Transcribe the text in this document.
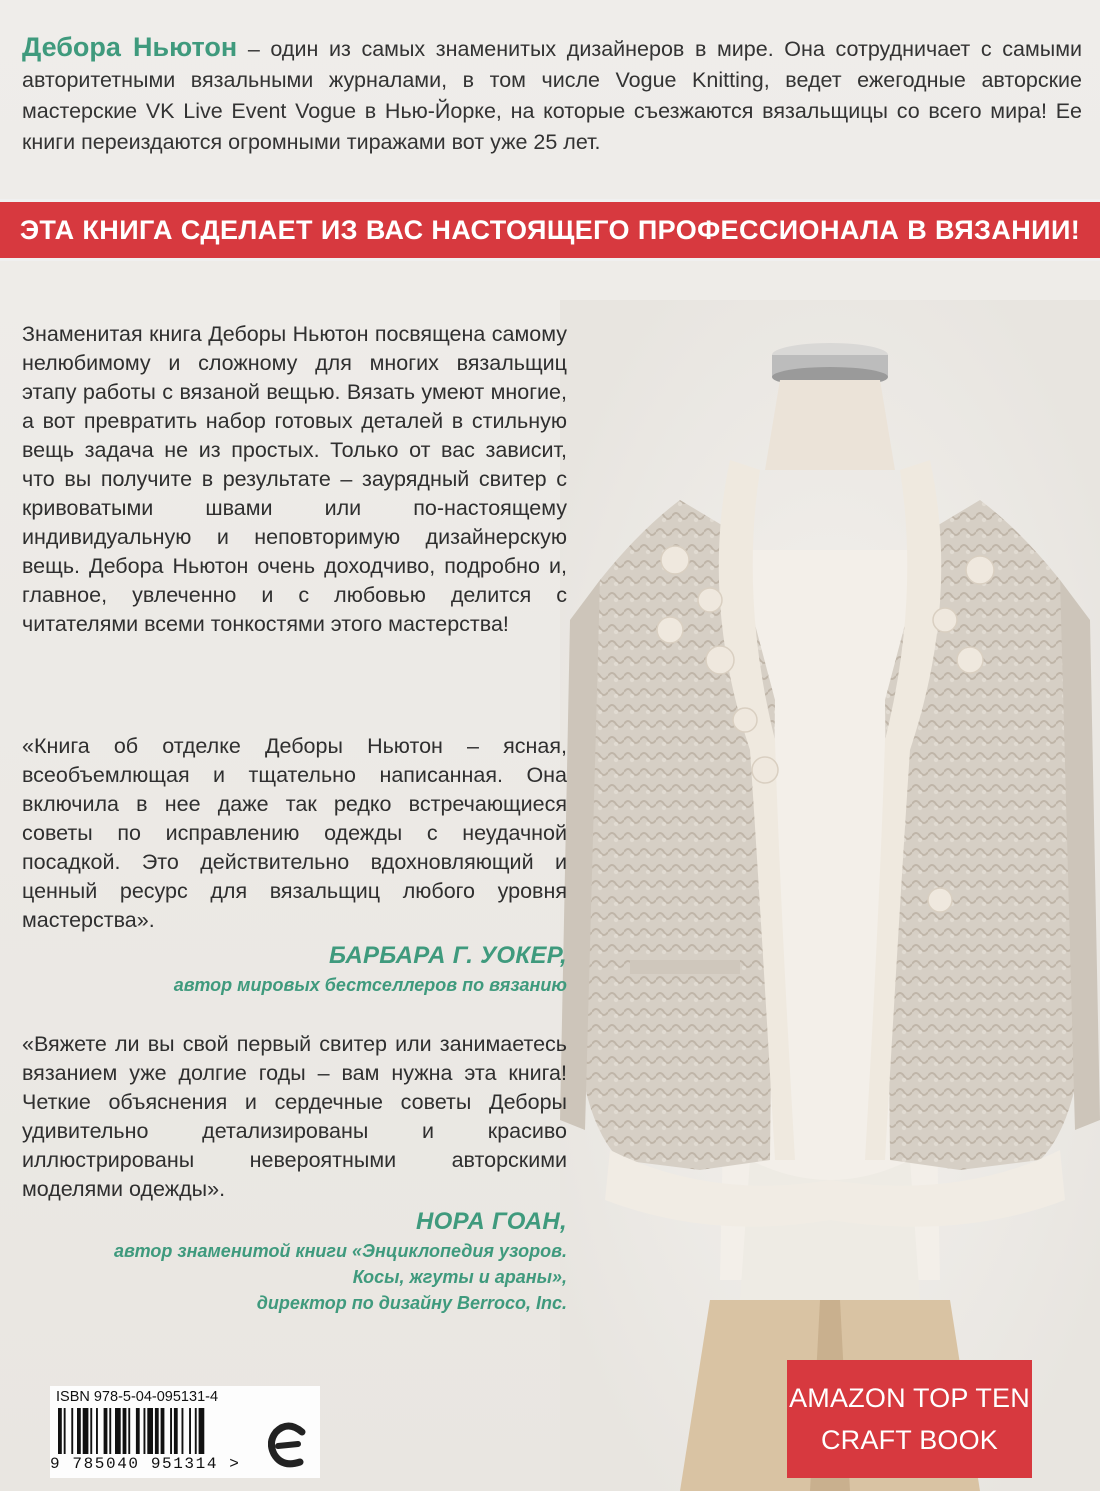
Дебора Ньютон – один из самых знаменитых дизайнеров в мире. Она сотрудничает с самыми авторитетными вязальными журналами, в том числе Vogue Knitting, ведет ежегодные авторские мастерские VK Live Event Vogue в Нью-Йорке, на которые съезжаются вязальщицы со всего мира! Ее книги переиздаются огромными тиражами вот уже 25 лет.
ЭТА КНИГА СДЕЛАЕТ ИЗ ВАС НАСТОЯЩЕГО ПРОФЕССИОНАЛА В ВЯЗАНИИ!
Знаменитая книга Деборы Ньютон посвящена самому нелюбимому и сложному для многих вязальщиц этапу работы с вязаной вещью. Вязать умеют многие, а вот превратить набор готовых деталей в стильную вещь задача не из простых. Только от вас зависит, что вы получите в результате – заурядный свитер с кривоватыми швами или по-настоящему индивидуальную и неповторимую дизайнерскую вещь. Дебора Ньютон очень доходчиво, подробно и, главное, увлеченно и с любовью делится с читателями всеми тонкостями этого мастерства!
«Книга об отделке Деборы Ньютон – ясная, всеобъемлющая и тщательно написанная. Она включила в нее даже так редко встречающиеся советы по исправлению одежды с неудачной посадкой. Это действительно вдохновляющий и ценный ресурс для вязальщиц любого уровня мастерства».
БАРБАРА Г. УОКЕР,
автор мировых бестселлеров по вязанию
«Вяжете ли вы свой первый свитер или занимаетесь вязанием уже долгие годы – вам нужна эта книга! Четкие объяснения и сердечные советы Деборы удивительно детализированы и красиво иллюстрированы невероятными авторскими моделями одежды».
НОРА ГОАН,
автор знаменитой книги «Энциклопедия узоров.
Косы, жгуты и араны»,
директор по дизайну Berroco, Inc.
ISBN 978-5-04-095131-4
9 785040 951314 >
AMAZON TOP TEN
CRAFT BOOK
